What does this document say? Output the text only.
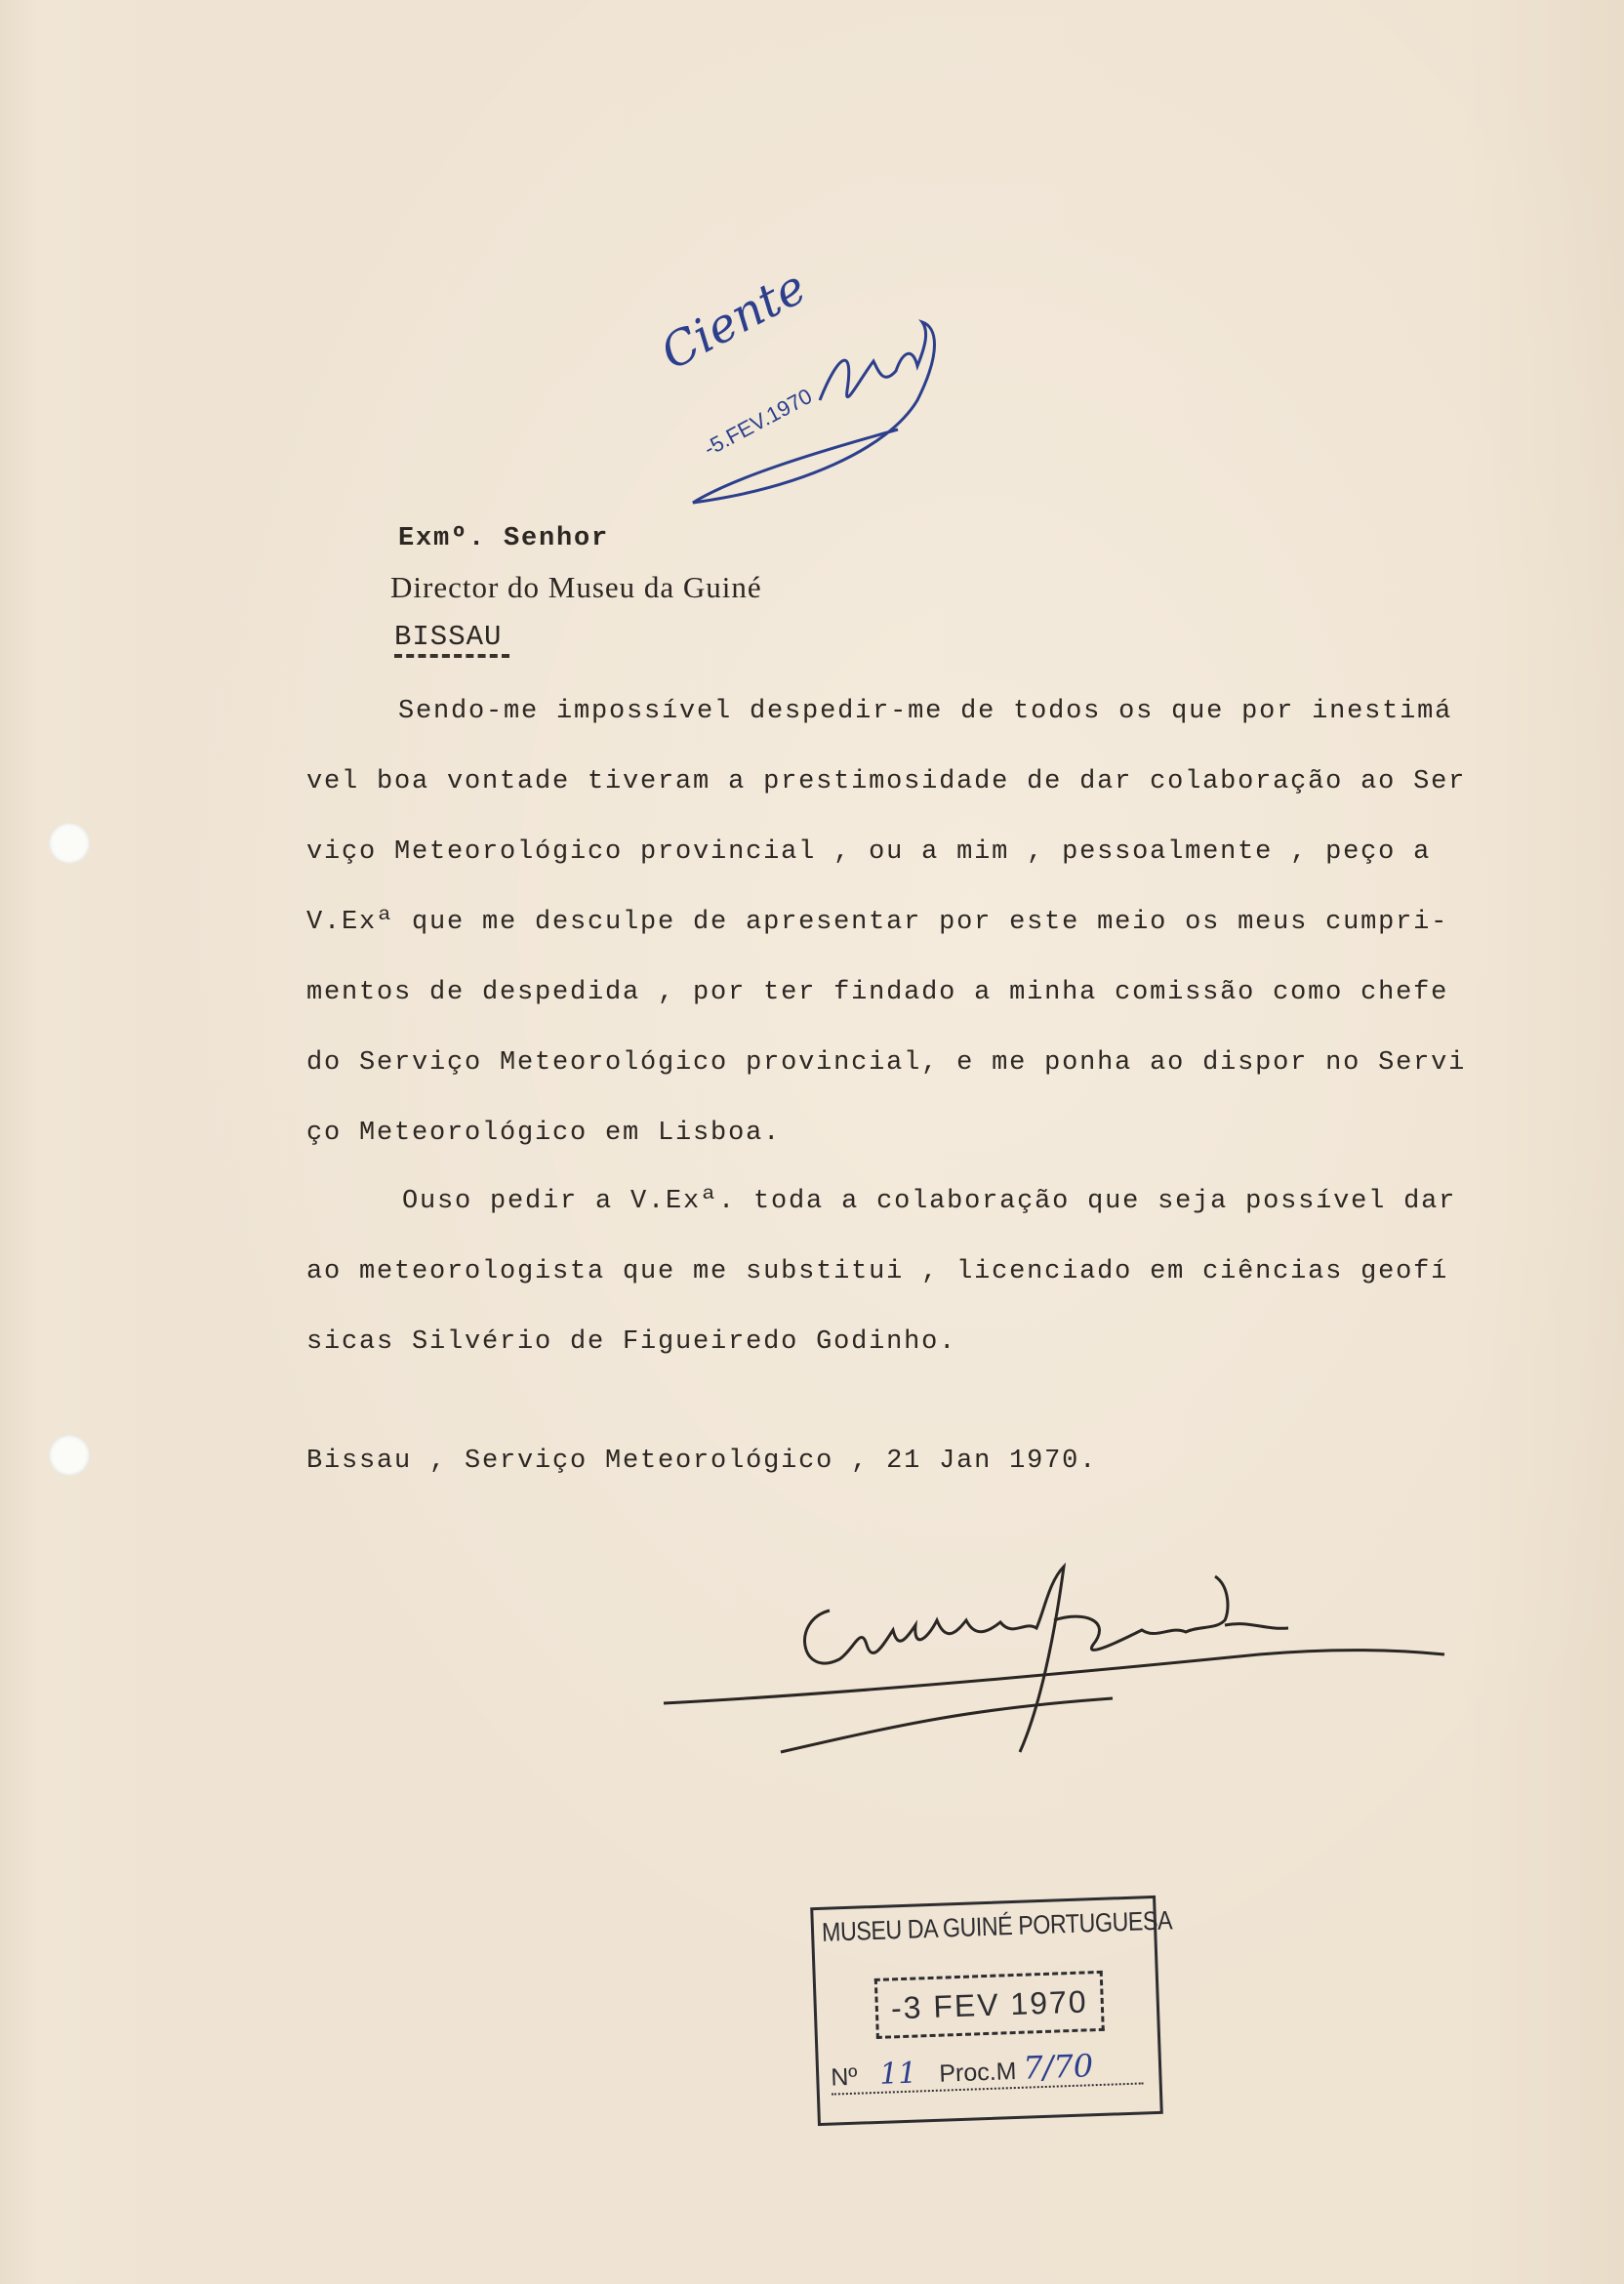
Ciente
-5.FEV.1970
Exmº. Senhor
Director do Museu da Guiné
BISSAU
Sendo-me impossível despedir-me de todos os que por inestimá
vel boa vontade tiveram a prestimosidade de dar colaboração ao Ser
viço Meteorológico provincial , ou a mim , pessoalmente , peço a
V.Exª que me desculpe de apresentar por este meio os meus cumpri-
mentos de despedida , por ter findado a minha comissão como chefe
do Serviço Meteorológico provincial, e me ponha ao dispor no Servi
ço Meteorológico em Lisboa.
Ouso pedir a V.Exª. toda a colaboração que seja possível dar
ao meteorologista que me substitui , licenciado em ciências geofí
sicas Silvério de Figueiredo Godinho.
Bissau , Serviço Meteorológico , 21 Jan 1970.
MUSEU DA GUINÉ PORTUGUESA
-3 FEV 1970
Nº 11 Proc.M 7/70
